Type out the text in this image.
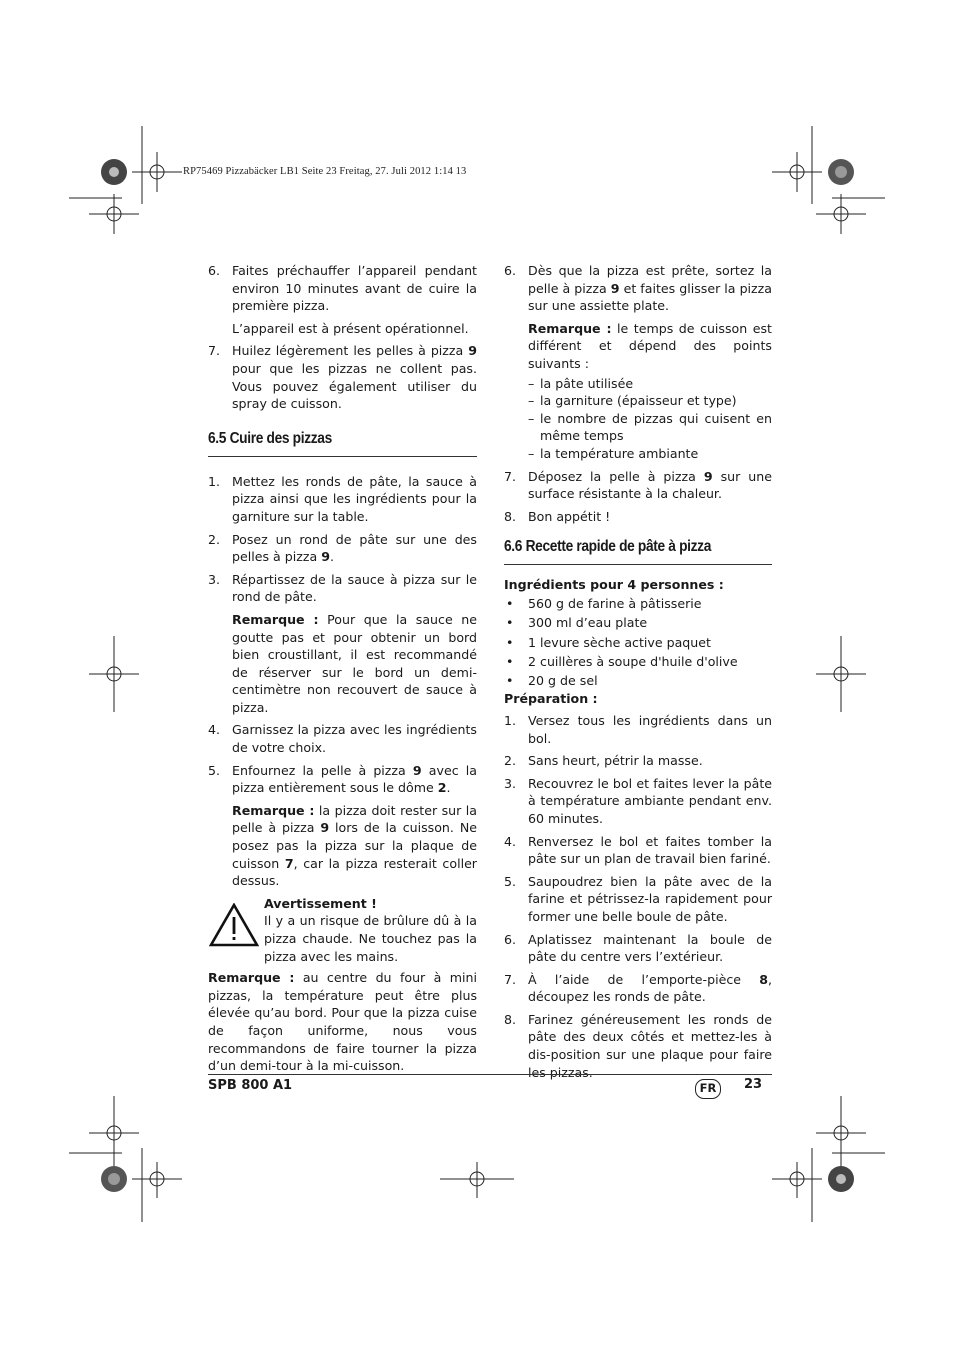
RP75469 Pizzabäcker LB1 Seite 23 Freitag, 27. Juli 2012 1:14 13
6. Faites préchauffer l’appareil pendant environ 10 minutes avant de cuire la première pizza.
L’appareil est à présent opérationnel.
7. Huilez légèrement les pelles à pizza 9 pour que les pizzas ne collent pas. Vous pouvez également utiliser du spray de cuisson.
6.5 Cuire des pizzas
1. Mettez les ronds de pâte, la sauce à pizza ainsi que les ingrédients pour la garniture sur la table.
2. Posez un rond de pâte sur une des pelles à pizza 9.
3. Répartissez de la sauce à pizza sur le rond de pâte.
Remarque : Pour que la sauce ne goutte pas et pour obtenir un bord bien croustillant, il est recommandé de réserver sur le bord un demi-centimètre non recouvert de sauce à pizza.
4. Garnissez la pizza avec les ingrédients de votre choix.
5. Enfournez la pelle à pizza 9 avec la pizza entièrement sous le dôme 2.
Remarque : la pizza doit rester sur la pelle à pizza 9 lors de la cuisson. Ne posez pas la pizza sur la plaque de cuisson 7, car la pizza resterait coller dessus.
Avertissement !
Il y a un risque de brûlure dû à la pizza chaude. Ne touchez pas la pizza avec les mains.
Remarque : au centre du four à mini pizzas, la température peut être plus élevée qu’au bord. Pour que la pizza cuise de façon uniforme, nous vous recommandons de faire tourner la pizza d’un demi-tour à la mi-cuisson.
6. Dès que la pizza est prête, sortez la pelle à pizza 9 et faites glisser la pizza sur une assiette plate.
Remarque : le temps de cuisson est différent et dépend des points suivants :
– la pâte utilisée
– la garniture (épaisseur et type)
– le nombre de pizzas qui cuisent en même temps
– la température ambiante
7. Déposez la pelle à pizza 9 sur une surface résistante à la chaleur.
8. Bon appétit !
6.6 Recette rapide de pâte à pizza
Ingrédients pour 4 personnes :
• 560 g de farine à pâtisserie
• 300 ml d’eau plate
• 1 levure sèche active paquet
• 2 cuillères à soupe d'huile d'olive
• 20 g de sel
Préparation :
1. Versez tous les ingrédients dans un bol.
2. Sans heurt, pétrir la masse.
3. Recouvrez le bol et faites lever la pâte à température ambiante pendant env. 60 minutes.
4. Renversez le bol et faites tomber la pâte sur un plan de travail bien fariné.
5. Saupoudrez bien la pâte avec de la farine et pétrissez-la rapidement pour former une belle boule de pâte.
6. Aplatissez maintenant la boule de pâte du centre vers l’extérieur.
7. À l’aide de l’emporte-pièce 8, découpez les ronds de pâte.
8. Farinez généreusement les ronds de pâte des deux côtés et mettez-les à dis-position sur une plaque pour faire les pizzas.
SPB 800 A1	FR	23
